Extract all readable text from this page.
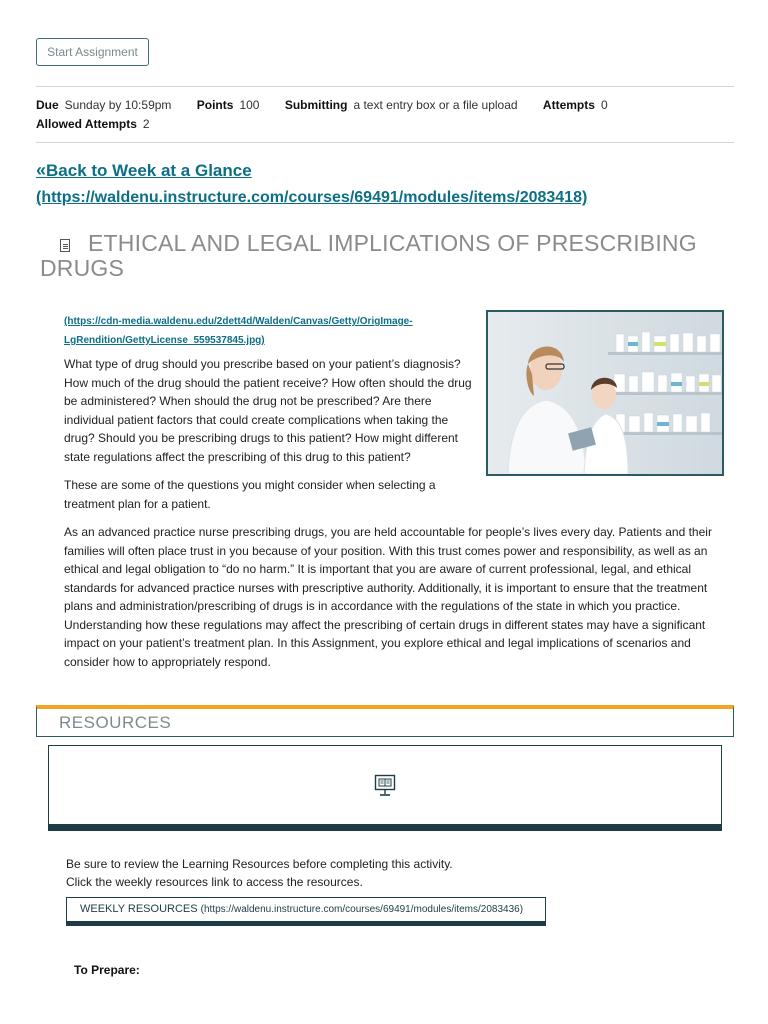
Start Assignment
Due Sunday by 10:59pm Points 100 Submitting a text entry box or a file upload Attempts 0
Allowed Attempts 2
«Back to Week at a Glance
(https://waldenu.instructure.com/courses/69491/modules/items/2083418)
ETHICAL AND LEGAL IMPLICATIONS OF PRESCRIBING
DRUGS
(https://cdn-media.waldenu.edu/2dett4d/Walden/Canvas/Getty/OrigImage-
LgRendition/GettyLicense_559537845.jpg)
What type of drug should you prescribe based on your patient’s diagnosis?
How much of the drug should the patient receive? How often should the drug
be administered? When should the drug not be prescribed? Are there
individual patient factors that could create complications when taking the
drug? Should you be prescribing drugs to this patient? How might different
state regulations affect the prescribing of this drug to this patient?
These are some of the questions you might consider when selecting a
treatment plan for a patient.
As an advanced practice nurse prescribing drugs, you are held accountable for people’s lives every day. Patients and their
families will often place trust in you because of your position. With this trust comes power and responsibility, as well as an
ethical and legal obligation to “do no harm.” It is important that you are aware of current professional, legal, and ethical
standards for advanced practice nurses with prescriptive authority. Additionally, it is important to ensure that the treatment
plans and administration/prescribing of drugs is in accordance with the regulations of the state in which you practice.
Understanding how these regulations may affect the prescribing of certain drugs in different states may have a significant
impact on your patient’s treatment plan. In this Assignment, you explore ethical and legal implications of scenarios and
consider how to appropriately respond.
RESOURCES
Be sure to review the Learning Resources before completing this activity.
Click the weekly resources link to access the resources.
WEEKLY RESOURCES (https://waldenu.instructure.com/courses/69491/modules/items/2083436)
To Prepare:
